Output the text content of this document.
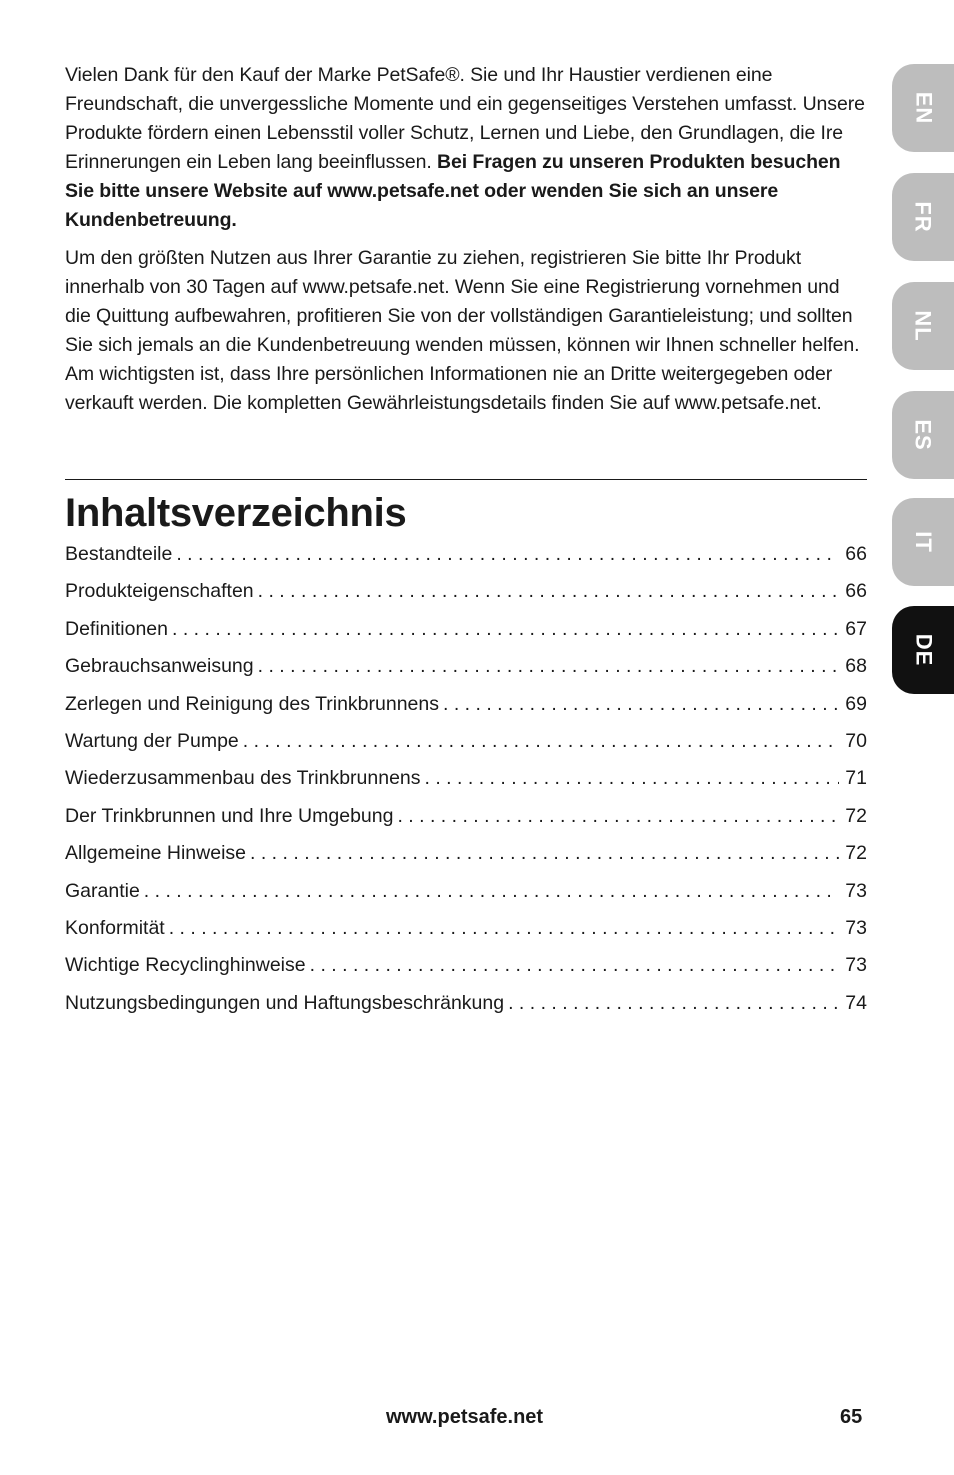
Vielen Dank für den Kauf der Marke PetSafe®. Sie und Ihr Haustier verdienen eine Freundschaft, die unvergessliche Momente und ein gegenseitiges Verstehen umfasst. Unsere Produkte fördern einen Lebensstil voller Schutz, Lernen und Liebe, den Grundlagen, die Ire Erinnerungen ein Leben lang beeinflussen. Bei Fragen zu unseren Produkten besuchen Sie bitte unsere Website auf www.petsafe.net oder wenden Sie sich an unsere Kundenbetreuung.

Um den größten Nutzen aus Ihrer Garantie zu ziehen, registrieren Sie bitte Ihr Produkt innerhalb von 30 Tagen auf www.petsafe.net. Wenn Sie eine Registrierung vornehmen und die Quittung aufbewahren, profitieren Sie von der vollständigen Garantieleistung; und sollten Sie sich jemals an die Kundenbetreuung wenden müssen, können wir Ihnen schneller helfen. Am wichtigsten ist, dass Ihre persönlichen Informationen nie an Dritte weitergegeben oder verkauft werden. Die kompletten Gewährleistungsdetails finden Sie auf www.petsafe.net.

Inhaltsverzeichnis
Bestandteile . . .	66
Produkteigenschaften . . .	66
Definitionen . . .	67
Gebrauchsanweisung . . .	68
Zerlegen und Reinigung des Trinkbrunnens . . .	69
Wartung der Pumpe . . .	70
Wiederzusammenbau des Trinkbrunnens . . .	71
Der Trinkbrunnen und Ihre Umgebung . . .	72
Allgemeine Hinweise . . .	72
Garantie . . .	73
Konformität . . .	73
Wichtige Recyclinghinweise . . .	73
Nutzungsbedingungen und Haftungsbeschränkung . . .	74
EN
FR
NL
ES
IT
DE
www.petsafe.net	65
